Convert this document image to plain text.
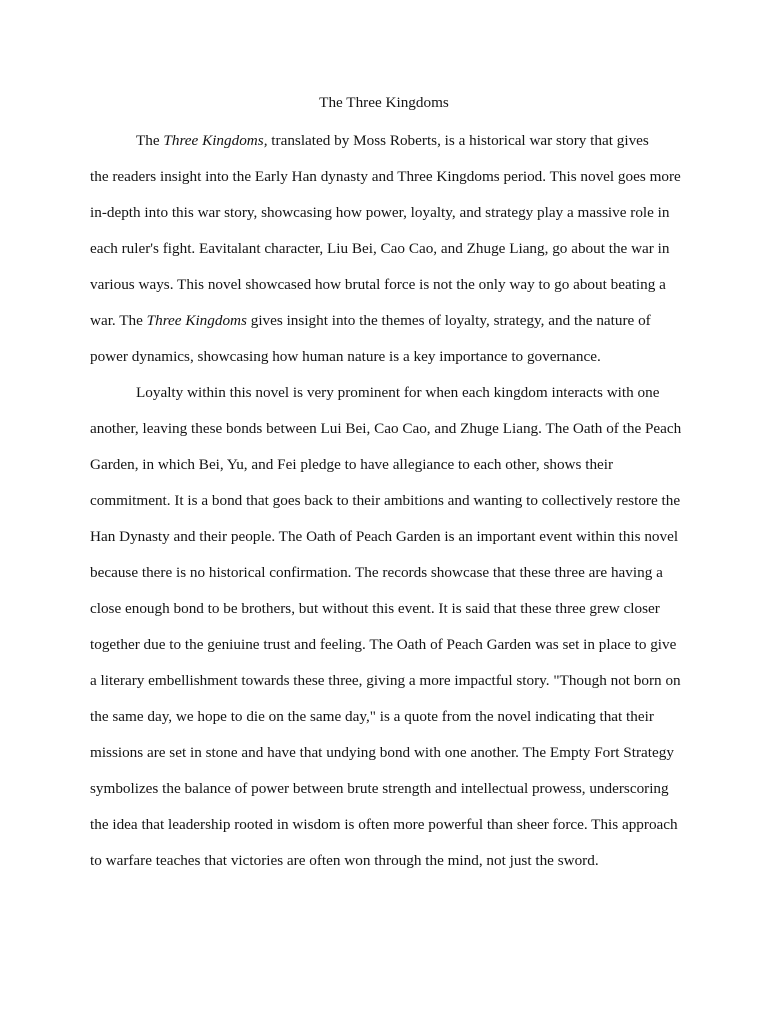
The Three Kingdoms
The Three Kingdoms, translated by Moss Roberts, is a historical war story that gives
the readers insight into the Early Han dynasty and Three Kingdoms period. This novel goes more
in-depth into this war story, showcasing how power, loyalty, and strategy play a massive role in
each ruler's fight. Eavitalant character, Liu Bei, Cao Cao, and Zhuge Liang, go about the war in
various ways. This novel showcased how brutal force is not the only way to go about beating a
war. The Three Kingdoms gives insight into the themes of loyalty, strategy, and the nature of
power dynamics, showcasing how human nature is a key importance to governance.
Loyalty within this novel is very prominent for when each kingdom interacts with one
another, leaving these bonds between Lui Bei, Cao Cao, and Zhuge Liang. The Oath of the Peach
Garden, in which Bei, Yu, and Fei pledge to have allegiance to each other, shows their
commitment. It is a bond that goes back to their ambitions and wanting to collectively restore the
Han Dynasty and their people. The Oath of Peach Garden is an important event within this novel
because there is no historical confirmation. The records showcase that these three are having a
close enough bond to be brothers, but without this event. It is said that these three grew closer
together due to the geniuine trust and feeling. The Oath of Peach Garden was set in place to give
a literary embellishment towards these three, giving a more impactful story. "Though not born on
the same day, we hope to die on the same day," is a quote from the novel indicating that their
missions are set in stone and have that undying bond with one another. The Empty Fort Strategy
symbolizes the balance of power between brute strength and intellectual prowess, underscoring
the idea that leadership rooted in wisdom is often more powerful than sheer force. This approach
to warfare teaches that victories are often won through the mind, not just the sword.
